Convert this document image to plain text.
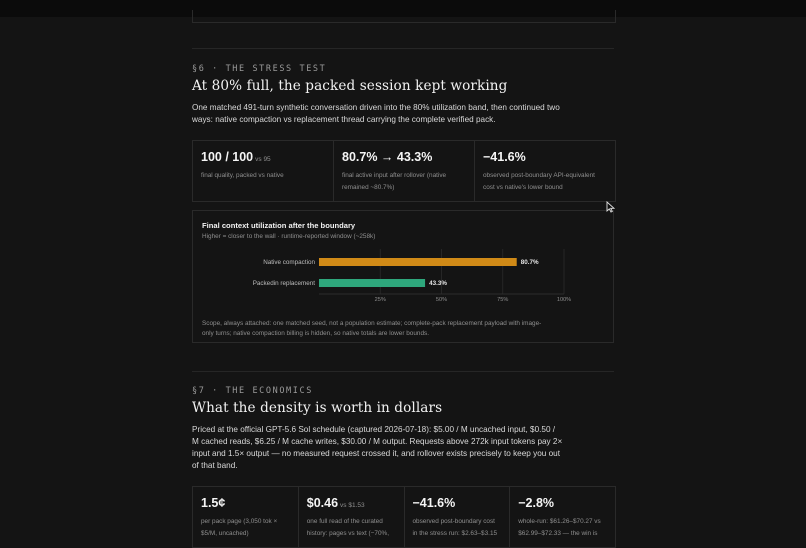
§6 · THE STRESS TEST
At 80% full, the packed session kept working
One matched 491-turn synthetic conversation driven into the 80% utilization band, then continued two ways: native compaction vs replacement thread carrying the complete verified pack.
100 / 100 vs 95
final quality, packed vs native
80.7% → 43.3%
final active input after rollover (native remained ~80.7%)
−41.6%
observed post-boundary API-equivalent cost vs native's lower bound
Final context utilization after the boundary
Higher = closer to the wall · runtime-reported window (~258k)
25%	50%	75%	100%
Native compaction	80.7%
Packedin replacement	43.3%
Scope, always attached: one matched seed, not a population estimate; complete-pack replacement payload with image-only turns; native compaction billing is hidden, so native totals are lower bounds.
§7 · THE ECONOMICS
What the density is worth in dollars
Priced at the official GPT-5.6 Sol schedule (captured 2026-07-18): $5.00 / M uncached input, $0.50 / M cached reads, $6.25 / M cache writes, $30.00 / M output. Requests above 272k input tokens pay 2× input and 1.5× output — no measured request crossed it, and rollover exists precisely to keep you out of that band.
1.5¢
per pack page (3,050 tok × $5/M, uncached)
$0.46 vs $1.53
one full read of the curated history: pages vs text (−70%,
−41.6%
observed post-boundary cost in the stress run: $2.63–$3.15
−2.8%
whole-run: $61.26–$70.27 vs $62.99–$72.33 — the win is
